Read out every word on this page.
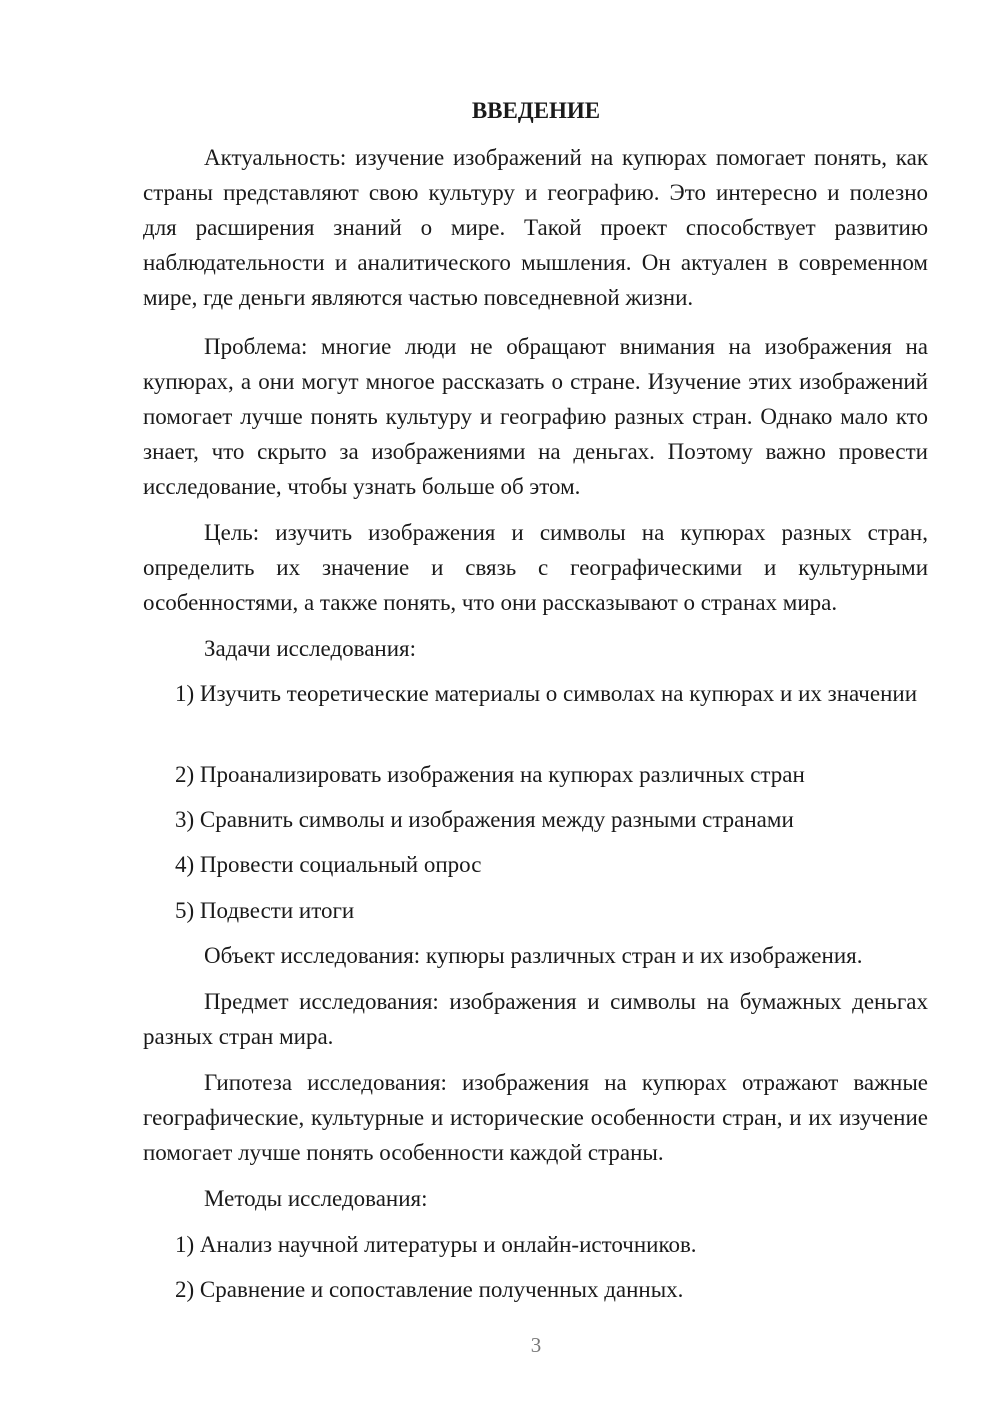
ВВЕДЕНИЕ

Актуальность: изучение изображений на купюрах помогает понять, как страны представляют свою культуру и географию. Это интересно и полезно для расширения знаний о мире. Такой проект способствует развитию наблюдательности и аналитического мышления. Он актуален в современном мире, где деньги являются частью повседневной жизни.

Проблема: многие люди не обращают внимания на изображения на купюрах, а они могут многое рассказать о стране. Изучение этих изображений помогает лучше понять культуру и географию разных стран. Однако мало кто знает, что скрыто за изображениями на деньгах. Поэтому важно провести исследование, чтобы узнать больше об этом.

Цель: изучить изображения и символы на купюрах разных стран, определить их значение и связь с географическими и культурными особенностями, а также понять, что они рассказывают о странах мира.

Задачи исследования:

1) Изучить теоретические материалы о символах на купюрах и их значении

2) Проанализировать изображения на купюрах различных стран

3) Сравнить символы и изображения между разными странами

4) Провести социальный опрос

5) Подвести итоги

Объект исследования: купюры различных стран и их изображения.

Предмет исследования: изображения и символы на бумажных деньгах разных стран мира.

Гипотеза исследования: изображения на купюрах отражают важные географические, культурные и исторические особенности стран, и их изучение помогает лучше понять особенности каждой страны.

Методы исследования:

1) Анализ научной литературы и онлайн-источников.

2) Сравнение и сопоставление полученных данных.

3
